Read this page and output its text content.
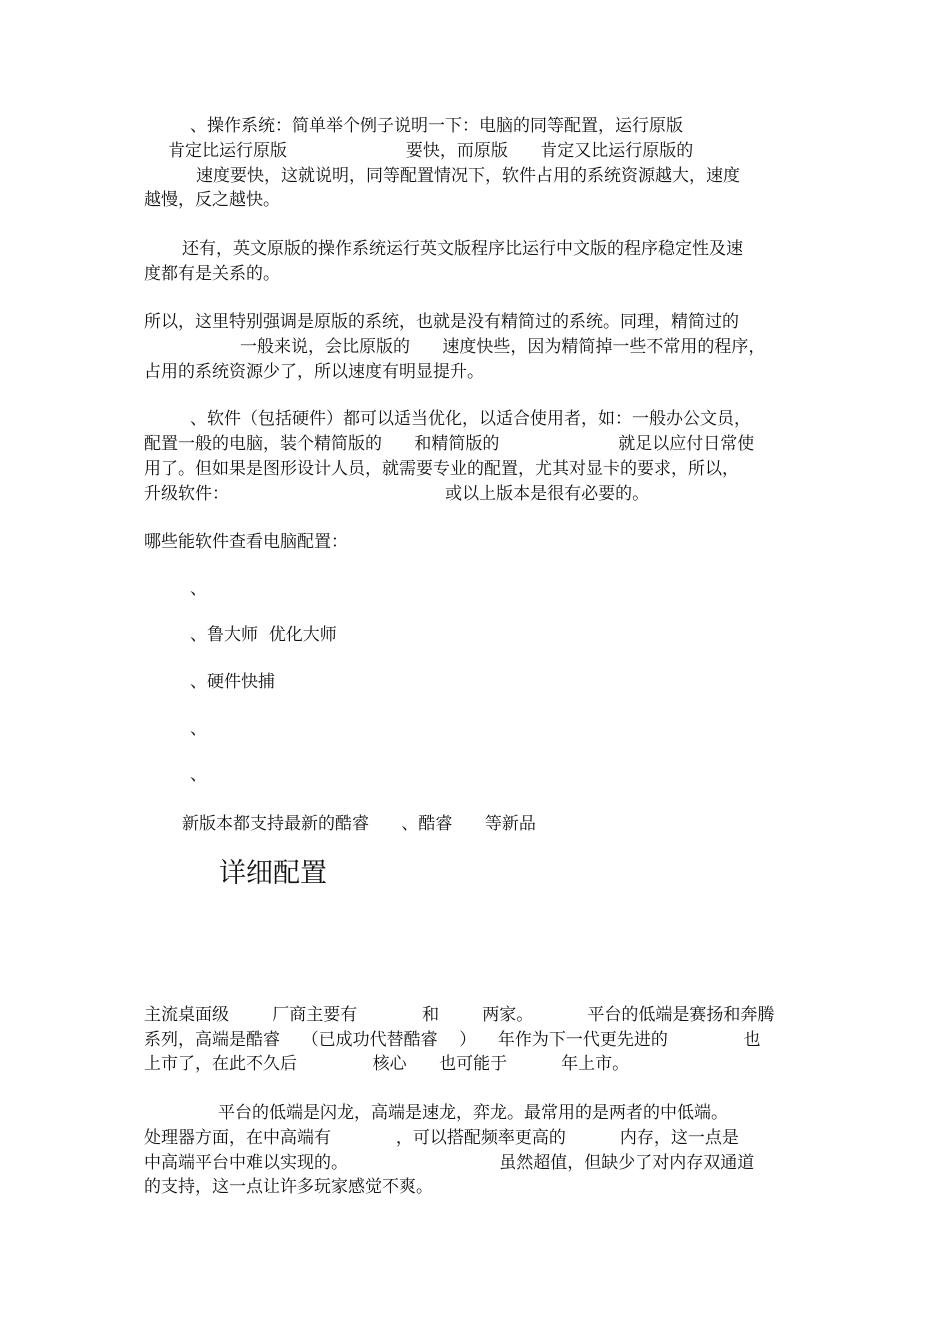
、操作系统：简单举个例子说明一下：电脑的同等配置，运行原版
肯定比运行原版                      要快，而原版      肯定又比运行原版的
速度要快，这就说明，同等配置情况下，软件占用的系统资源越大，速度
越慢，反之越快。
还有，英文原版的操作系统运行英文版程序比运行中文版的程序稳定性及速
度都有是关系的。
所以，这里特别强调是原版的系统，也就是没有精简过的系统。同理，精简过的
一般来说，会比原版的      速度快些，因为精简掉一些不常用的程序，
占用的系统资源少了，所以速度有明显提升。
、软件（包括硬件）都可以适当优化，以适合使用者，如：一般办公文员，
配置一般的电脑，装个精简版的      和精简版的                      就足以应付日常使
用了。但如果是图形设计人员，就需要专业的配置，尤其对显卡的要求，所以，
升级软件：                                        或以上版本是很有必要的。
哪些能软件查看电脑配置：
、
、鲁大师  优化大师
、硬件快捕
、
、
新版本都支持最新的酷睿      、酷睿      等新品
详细配置
主流桌面级        厂商主要有            和        两家。          平台的低端是赛扬和奔腾
系列，高端是酷睿    （已成功代替酷睿    ）    年作为下一代更先进的              也
上市了，在此不久后              核心      也可能于          年上市。
平台的低端是闪龙，高端是速龙，弈龙。最常用的是两者的中低端。
处理器方面，在中高端有            ，可以搭配频率更高的          内存，这一点是
中高端平台中难以实现的。                            虽然超值，但缺少了对内存双通道
的支持，这一点让许多玩家感觉不爽。
